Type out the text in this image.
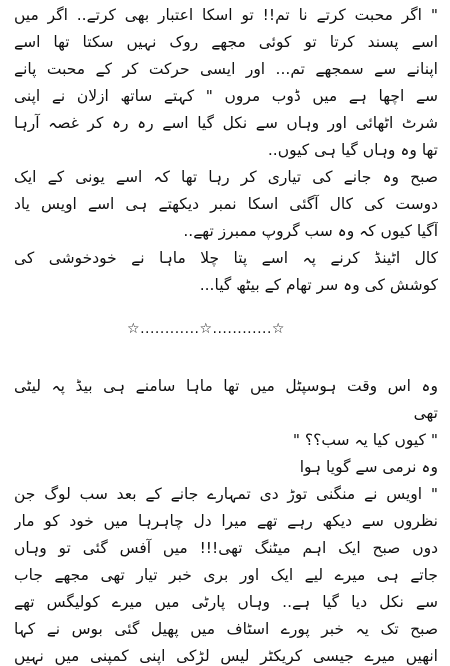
" اگر محبت کرتے نا تم!! تو اسکا اعتبار بھی کرتے.. اگر میں
اسے پسند کرتا تو کوئی مجھے روک نہیں سکتا تھا اسے
اپنانے سے سمجھے تم... اور ایسی حرکت کر کے محبت پانے
سے اچھا ہے میں ڈوب مروں " کہتے ساتھ ازلان نے اپنی
شرٹ اٹھائی اور وہاں سے نکل گیا اسے رہ رہ کر غصہ آرہا
تھا وہ وہاں گیا ہی کیوں..
صبح وہ جانے کی تیاری کر رہا تھا کہ اسے یونی کے ایک
دوست کی کال آگئی اسکا نمبر دیکھتے ہی اسے اویس یاد
آگیا کیوں کہ وہ سب گروپ ممبرز تھے..
کال اٹینڈ کرنے پہ اسے پتا چلا ماہا نے خودخوشی کی
کوشش کی وہ سر تھام کے بیٹھ گیا...
☆............☆............☆
وہ اس وقت ہوسپٹل میں تھا ماہا سامنے ہی بیڈ پہ لیٹی
تھی
" کیوں کیا یہ سب؟؟ "
وہ نرمی سے گویا ہوا
" اویس نے منگنی توڑ دی تمہارے جانے کے بعد سب لوگ جن
نظروں سے دیکھ رہے تھے میرا دل چاہرہا میں خود کو مار
دوں صبح ایک اہم میٹنگ تھی!!! میں آفس گئی تو وہاں
جاتے ہی میرے لیے ایک اور بری خبر تیار تھی مجھے جاب
سے نکل دیا گیا ہے.. وہاں پارٹی میں میرے کولیگس تھے
صبح تک یہ خبر پورے اسٹاف میں پھیل گئی بوس نے کہا
انھیں میرے جیسی کریکٹر لیس لڑکی اپنی کمپنی میں نہیں
